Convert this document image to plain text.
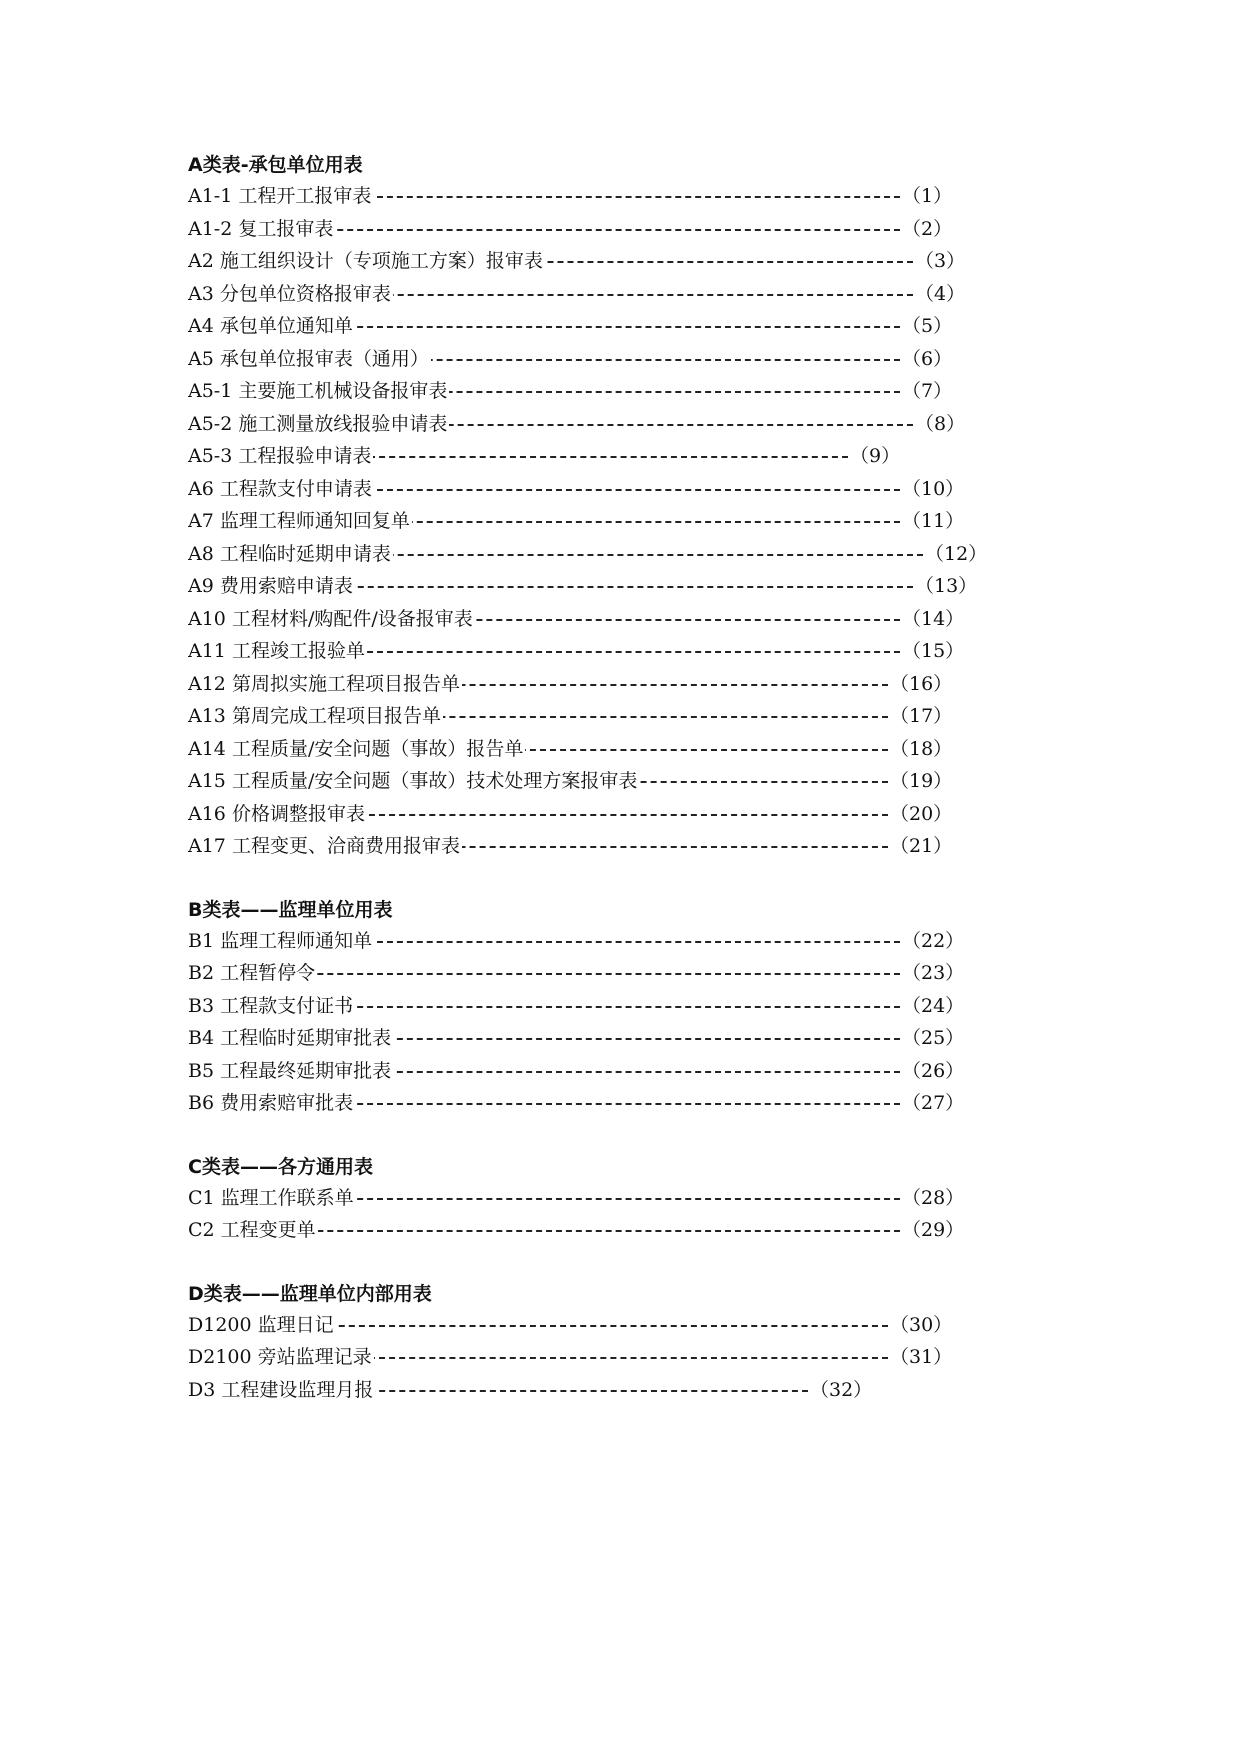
A类表-承包单位用表
A1-1 工程开工报审表	（1）
A1-2 复工报审表	（2）
A2 施工组织设计（专项施工方案）报审表	（3）
A3 分包单位资格报审表	（4）
A4 承包单位通知单	（5）
A5 承包单位报审表（通用）	（6）
A5-1 主要施工机械设备报审表	（7）
A5-2 施工测量放线报验申请表	（8）
A5-3 工程报验申请表	（9）
A6 工程款支付申请表	（10）
A7 监理工程师通知回复单	（11）
A8 工程临时延期申请表	（12）
A9 费用索赔申请表	（13）
A10 工程材料/购配件/设备报审表	（14）
A11 工程竣工报验单	（15）
A12 第周拟实施工程项目报告单	（16）
A13 第周完成工程项目报告单	（17）
A14 工程质量/安全问题（事故）报告单	（18）
A15 工程质量/安全问题（事故）技术处理方案报审表	（19）
A16 价格调整报审表	（20）
A17 工程变更、洽商费用报审表	（21）
B类表——监理单位用表
B1 监理工程师通知单	（22）
B2 工程暂停令	（23）
B3 工程款支付证书	（24）
B4 工程临时延期审批表	（25）
B5 工程最终延期审批表	（26）
B6 费用索赔审批表	（27）
C类表——各方通用表
C1 监理工作联系单	（28）
C2 工程变更单	（29）
D类表——监理单位内部用表
D1200 监理日记	（30）
D2100 旁站监理记录	（31）
D3 工程建设监理月报	（32）
